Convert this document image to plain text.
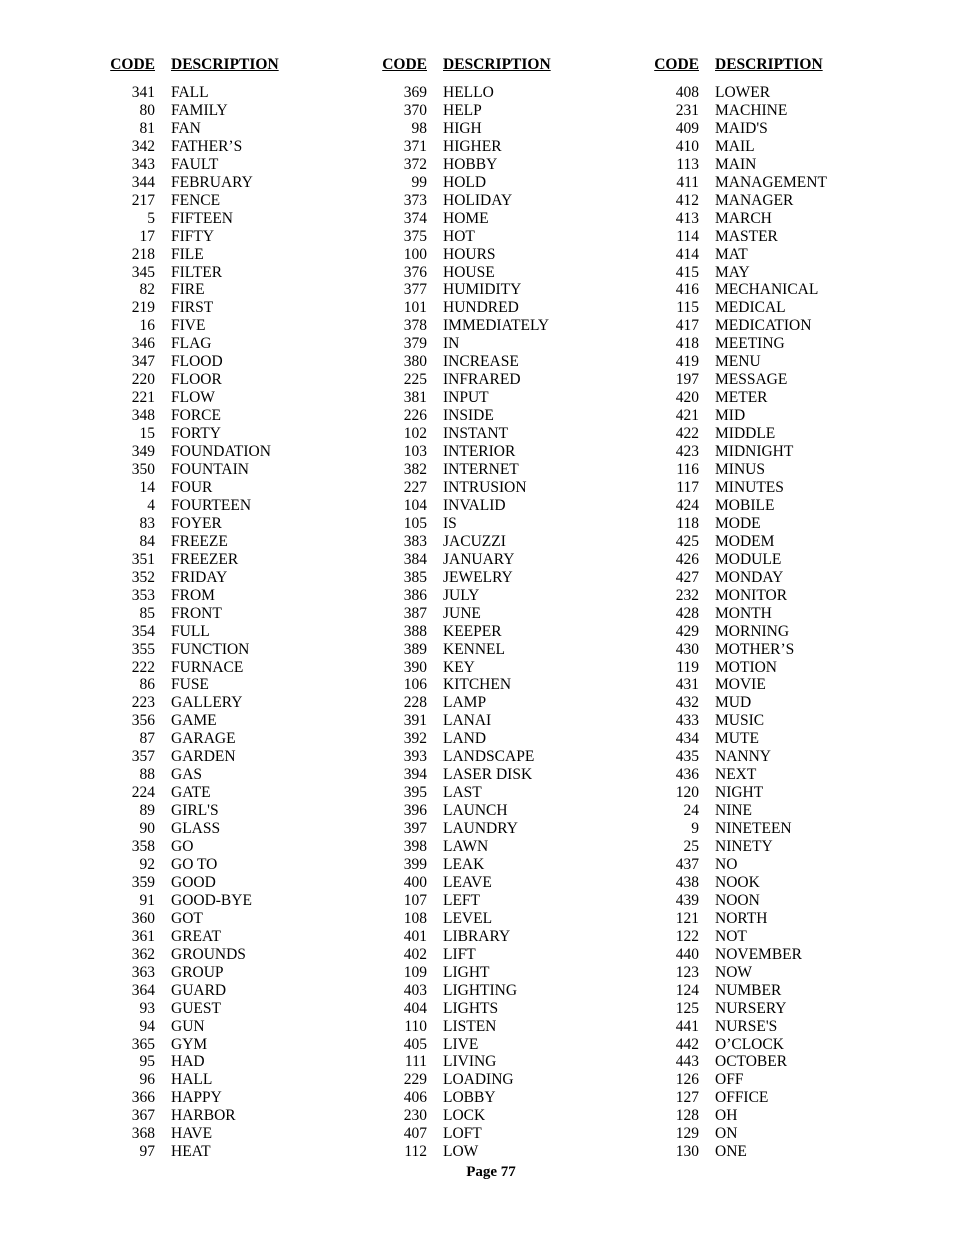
CODE DESCRIPTION
341 FALL
80 FAMILY
81 FAN
342 FATHER’S
343 FAULT
344 FEBRUARY
217 FENCE
5 FIFTEEN
17 FIFTY
218 FILE
345 FILTER
82 FIRE
219 FIRST
16 FIVE
346 FLAG
347 FLOOD
220 FLOOR
221 FLOW
348 FORCE
15 FORTY
349 FOUNDATION
350 FOUNTAIN
14 FOUR
4 FOURTEEN
83 FOYER
84 FREEZE
351 FREEZER
352 FRIDAY
353 FROM
85 FRONT
354 FULL
355 FUNCTION
222 FURNACE
86 FUSE
223 GALLERY
356 GAME
87 GARAGE
357 GARDEN
88 GAS
224 GATE
89 GIRL'S
90 GLASS
358 GO
92 GO TO
359 GOOD
91 GOOD-BYE
360 GOT
361 GREAT
362 GROUNDS
363 GROUP
364 GUARD
93 GUEST
94 GUN
365 GYM
95 HAD
96 HALL
366 HAPPY
367 HARBOR
368 HAVE
97 HEAT
CODE DESCRIPTION
369 HELLO
370 HELP
98 HIGH
371 HIGHER
372 HOBBY
99 HOLD
373 HOLIDAY
374 HOME
375 HOT
100 HOURS
376 HOUSE
377 HUMIDITY
101 HUNDRED
378 IMMEDIATELY
379 IN
380 INCREASE
225 INFRARED
381 INPUT
226 INSIDE
102 INSTANT
103 INTERIOR
382 INTERNET
227 INTRUSION
104 INVALID
105 IS
383 JACUZZI
384 JANUARY
385 JEWELRY
386 JULY
387 JUNE
388 KEEPER
389 KENNEL
390 KEY
106 KITCHEN
228 LAMP
391 LANAI
392 LAND
393 LANDSCAPE
394 LASER DISK
395 LAST
396 LAUNCH
397 LAUNDRY
398 LAWN
399 LEAK
400 LEAVE
107 LEFT
108 LEVEL
401 LIBRARY
402 LIFT
109 LIGHT
403 LIGHTING
404 LIGHTS
110 LISTEN
405 LIVE
111 LIVING
229 LOADING
406 LOBBY
230 LOCK
407 LOFT
112 LOW
CODE DESCRIPTION
408 LOWER
231 MACHINE
409 MAID'S
410 MAIL
113 MAIN
411 MANAGEMENT
412 MANAGER
413 MARCH
114 MASTER
414 MAT
415 MAY
416 MECHANICAL
115 MEDICAL
417 MEDICATION
418 MEETING
419 MENU
197 MESSAGE
420 METER
421 MID
422 MIDDLE
423 MIDNIGHT
116 MINUS
117 MINUTES
424 MOBILE
118 MODE
425 MODEM
426 MODULE
427 MONDAY
232 MONITOR
428 MONTH
429 MORNING
430 MOTHER’S
119 MOTION
431 MOVIE
432 MUD
433 MUSIC
434 MUTE
435 NANNY
436 NEXT
120 NIGHT
24 NINE
9 NINETEEN
25 NINETY
437 NO
438 NOOK
439 NOON
121 NORTH
122 NOT
440 NOVEMBER
123 NOW
124 NUMBER
125 NURSERY
441 NURSE'S
442 O’CLOCK
443 OCTOBER
126 OFF
127 OFFICE
128 OH
129 ON
130 ONE
Page 77
